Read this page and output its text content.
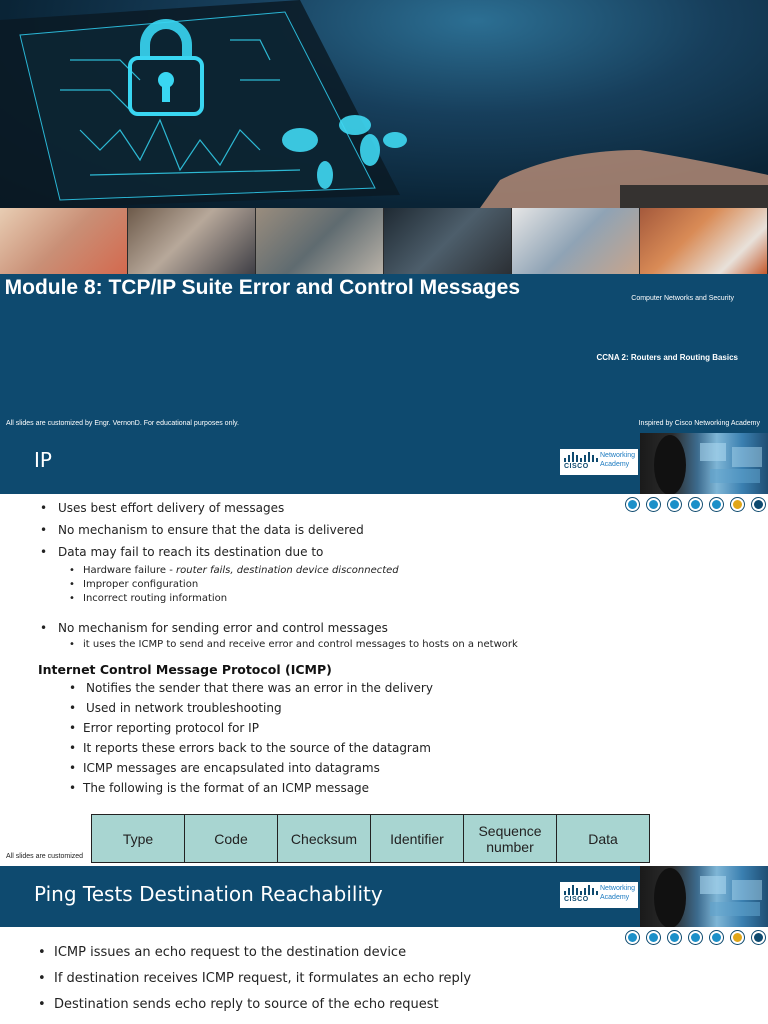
Computer Networks and Security
Module 8: TCP/IP Suite Error and Control Messages
CCNA 2: Routers and Routing Basics
All slides are customized by Engr. VernonD. For educational purposes only.	Inspired by Cisco Networking Academy
IP	CISCO
Networking
Academy
• Uses best effort delivery of messages
• No mechanism to ensure that the data is delivered
• Data may fail to reach its destination due to
• Hardware failure - router fails, destination device disconnected
• Improper configuration
• Incorrect routing information
• No mechanism for sending error and control messages
• it uses the ICMP to send and receive error and control messages to hosts on a network
Internet Control Message Protocol (ICMP)
• Notifies the sender that there was an error in the delivery
• Used in network troubleshooting
• Error reporting protocol for IP
• It reports these errors back to the source of the datagram
• ICMP messages are encapsulated into datagrams
• The following is the format of an ICMP message
Type	Code	Checksum	Identifier	Sequence number	Data
All slides are customized
Ping Tests Destination Reachability	CISCO
Networking
Academy
• ICMP issues an echo request to the destination device
• If destination receives ICMP request, it formulates an echo reply
• Destination sends echo reply to source of the echo request
